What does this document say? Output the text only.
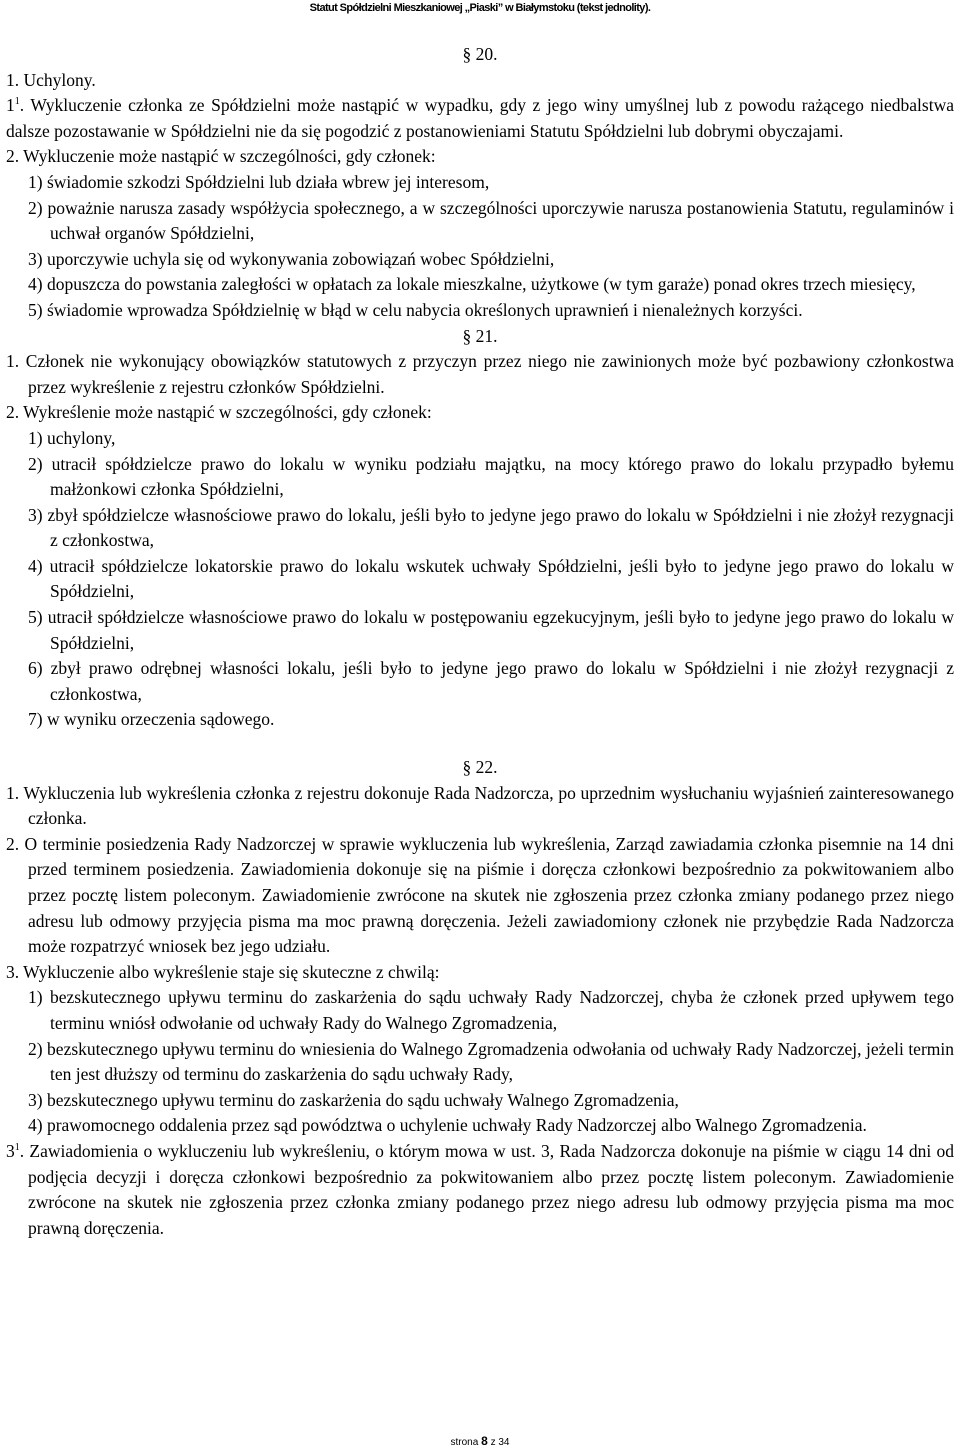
Statut Spółdzielni Mieszkaniowej „Piaski” w Białymstoku (tekst jednolity).
§ 20.
1. Uchylony.
$1^1$. Wykluczenie członka ze Spółdzielni może nastąpić w wypadku, gdy z jego winy umyślnej lub z powodu rażącego niedbalstwa dalsze pozostawanie w Spółdzielni nie da się pogodzić z postanowieniami Statutu Spółdzielni lub dobrymi obyczajami.
2. Wykluczenie może nastąpić w szczególności, gdy członek:
1) świadomie szkodzi Spółdzielni lub działa wbrew jej interesom,
2) poważnie narusza zasady współżycia społecznego, a w szczególności uporczywie narusza postanowienia Statutu, regulaminów i uchwał organów Spółdzielni,
3) uporczywie uchyla się od wykonywania zobowiązań wobec Spółdzielni,
4) dopuszcza do powstania zaległości w opłatach za lokale mieszkalne, użytkowe (w tym garaże) ponad okres trzech miesięcy,
5) świadomie wprowadza Spółdzielnię w błąd w celu nabycia określonych uprawnień i nienależnych korzyści.
§ 21.
1. Członek nie wykonujący obowiązków statutowych z przyczyn przez niego nie zawinionych może być pozbawiony członkostwa przez wykreślenie z rejestru członków Spółdzielni.
2. Wykreślenie może nastąpić w szczególności, gdy członek:
1) uchylony,
2) utracił spółdzielcze prawo do lokalu w wyniku podziału majątku, na mocy którego prawo do lokalu przypadło byłemu małżonkowi członka Spółdzielni,
3) zbył spółdzielcze własnościowe prawo do lokalu, jeśli było to jedyne jego prawo do lokalu w Spółdzielni i nie złożył rezygnacji z członkostwa,
4) utracił spółdzielcze lokatorskie prawo do lokalu wskutek uchwały Spółdzielni, jeśli było to jedyne jego prawo do lokalu w Spółdzielni,
5) utracił spółdzielcze własnościowe prawo do lokalu w postępowaniu egzekucyjnym, jeśli było to jedyne jego prawo do lokalu w Spółdzielni,
6) zbył prawo odrębnej własności lokalu, jeśli było to jedyne jego prawo do lokalu w Spółdzielni i nie złożył rezygnacji z członkostwa,
7) w wyniku orzeczenia sądowego.
§ 22.
1. Wykluczenia lub wykreślenia członka z rejestru dokonuje Rada Nadzorcza, po uprzednim wysłuchaniu wyjaśnień zainteresowanego członka.
2. O terminie posiedzenia Rady Nadzorczej w sprawie wykluczenia lub wykreślenia, Zarząd zawiadamia członka pisemnie na 14 dni przed terminem posiedzenia. Zawiadomienia dokonuje się na piśmie i doręcza członkowi bezpośrednio za pokwitowaniem albo przez pocztę listem poleconym. Zawiadomienie zwrócone na skutek nie zgłoszenia przez członka zmiany podanego przez niego adresu lub odmowy przyjęcia pisma ma moc prawną doręczenia. Jeżeli zawiadomiony członek nie przybędzie Rada Nadzorcza może rozpatrzyć wniosek bez jego udziału.
3. Wykluczenie albo wykreślenie staje się skuteczne z chwilą:
1) bezskutecznego upływu terminu do zaskarżenia do sądu uchwały Rady Nadzorczej, chyba że członek przed upływem tego terminu wniósł odwołanie od uchwały Rady do Walnego Zgromadzenia,
2) bezskutecznego upływu terminu do wniesienia do Walnego Zgromadzenia odwołania od uchwały Rady Nadzorczej, jeżeli termin ten jest dłuższy od terminu do zaskarżenia do sądu uchwały Rady,
3) bezskutecznego upływu terminu do zaskarżenia do sądu uchwały Walnego Zgromadzenia,
4) prawomocnego oddalenia przez sąd powództwa o uchylenie uchwały Rady Nadzorczej albo Walnego Zgromadzenia.
$3^1$. Zawiadomienia o wykluczeniu lub wykreśleniu, o którym mowa w ust. 3, Rada Nadzorcza dokonuje na piśmie w ciągu 14 dni od podjęcia decyzji i doręcza członkowi bezpośrednio za pokwitowaniem albo przez pocztę listem poleconym. Zawiadomienie zwrócone na skutek nie zgłoszenia przez członka zmiany podanego przez niego adresu lub odmowy przyjęcia pisma ma moc prawną doręczenia.
strona 8 z 34
